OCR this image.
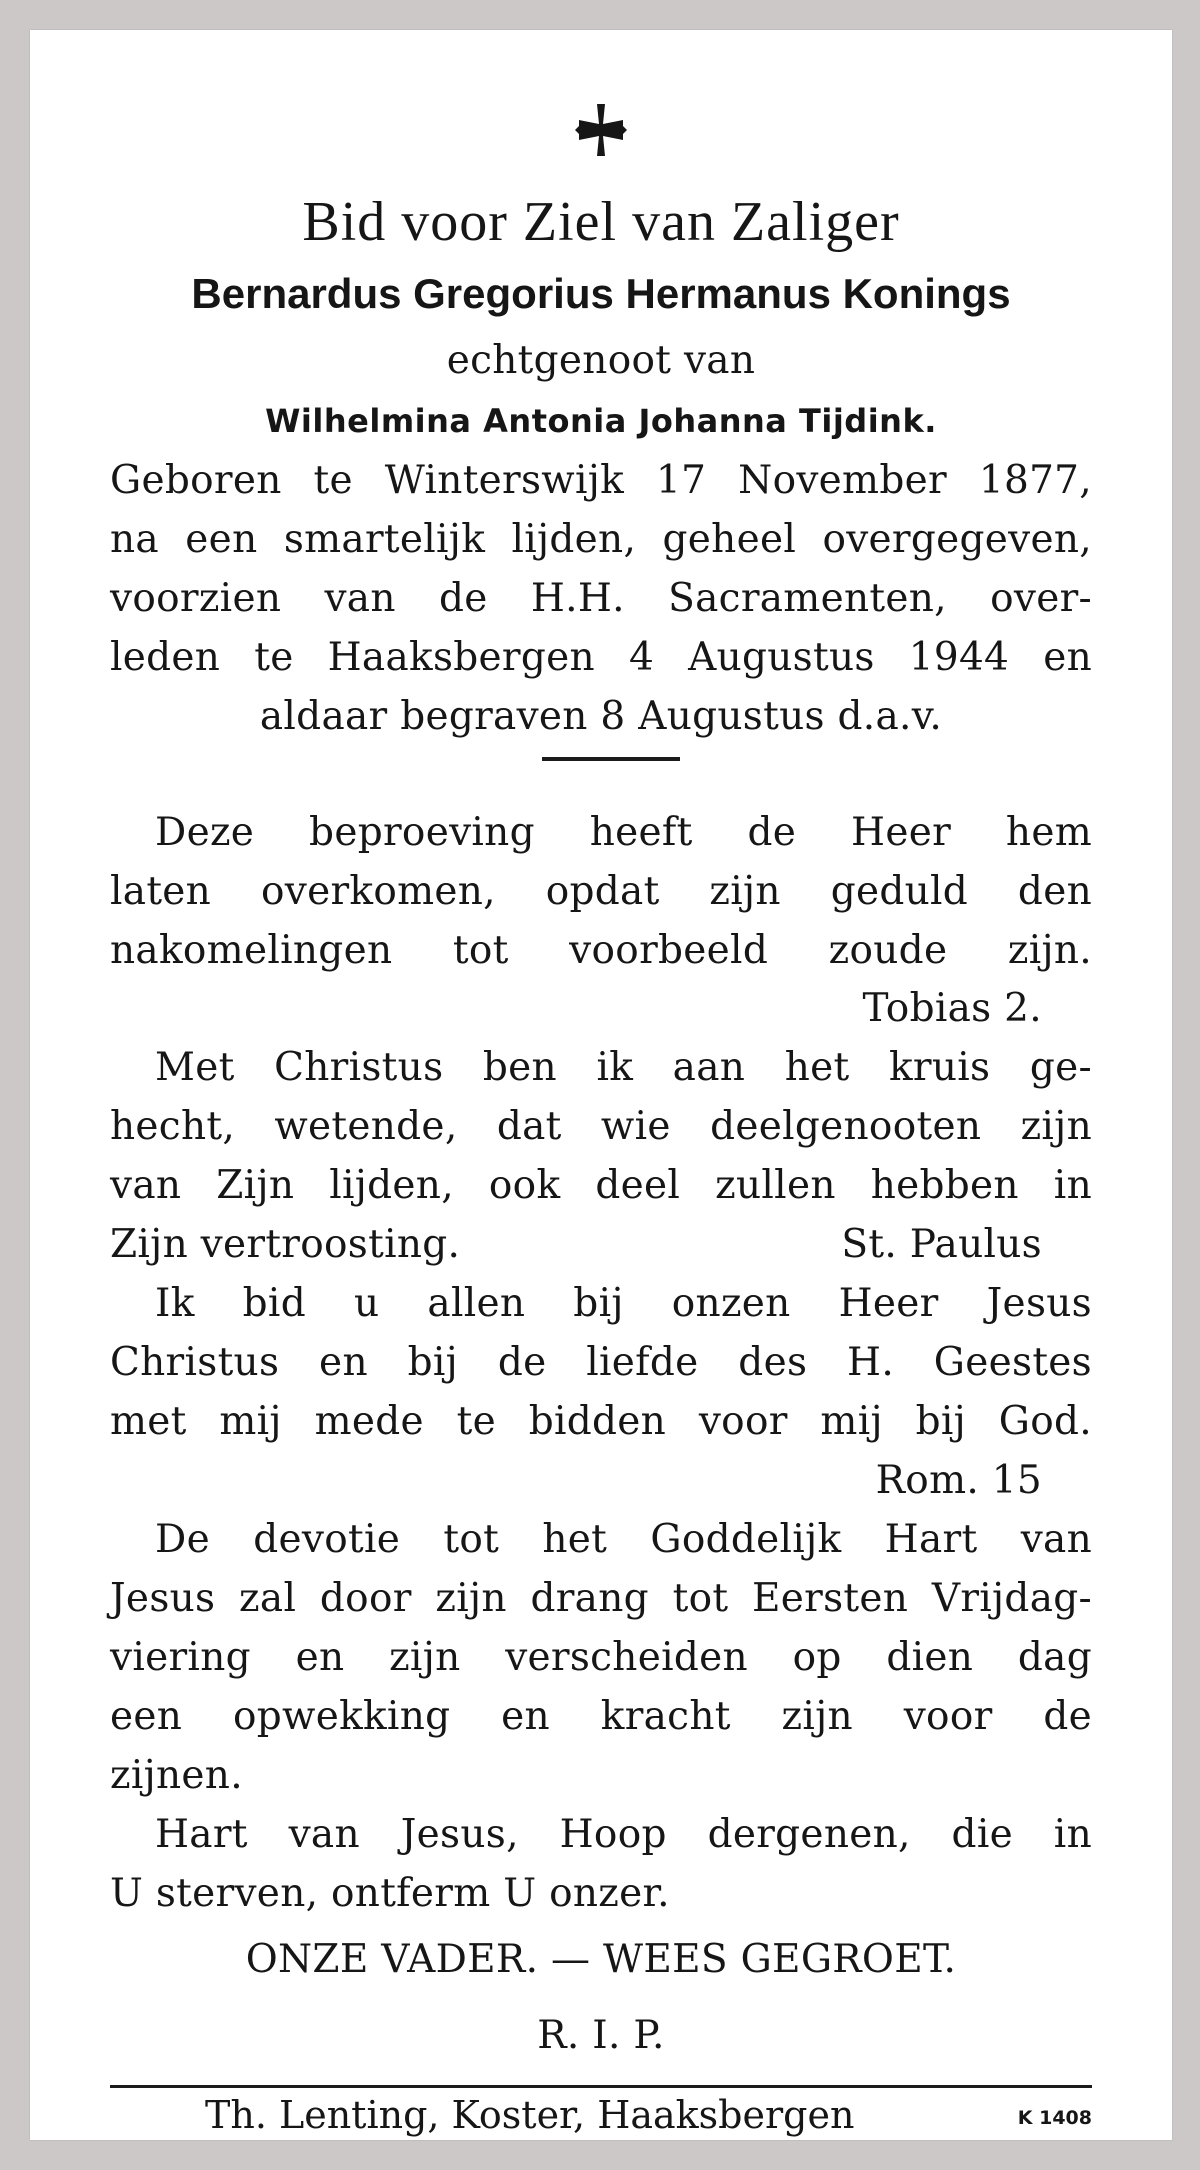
Bid voor Ziel van Zaliger

Bernardus Gregorius Hermanus Konings

echtgenoot van

Wilhelmina Antonia Johanna Tijdink.

Geboren te Winterswijk 17 November 1877,

na een smartelijk lijden, geheel overgegeven,

voorzien van de H.H. Sacramenten, over-

leden te Haaksbergen 4 Augustus 1944 en

aldaar begraven 8 Augustus d.a.v.

Deze beproeving heeft de Heer hem

laten overkomen, opdat zijn geduld den

nakomelingen tot voorbeeld zoude zijn.

Tobias 2.

Met Christus ben ik aan het kruis ge-

hecht, wetende, dat wie deelgenooten zijn

van Zijn lijden, ook deel zullen hebben in

Zijn vertroosting.	St. Paulus

Ik bid u allen bij onzen Heer Jesus

Christus en bij de liefde des H. Geestes

met mij mede te bidden voor mij bij God.

Rom. 15

De devotie tot het Goddelijk Hart van

Jesus zal door zijn drang tot Eersten Vrijdag-

viering en zijn verscheiden op dien dag

een opwekking en kracht zijn voor de

zijnen.

Hart van Jesus, Hoop dergenen, die in

U sterven, ontferm U onzer.

ONZE VADER. — WEES GEGROET.

R. I. P.

Th. Lenting, Koster, Haaksbergen	K 1408
